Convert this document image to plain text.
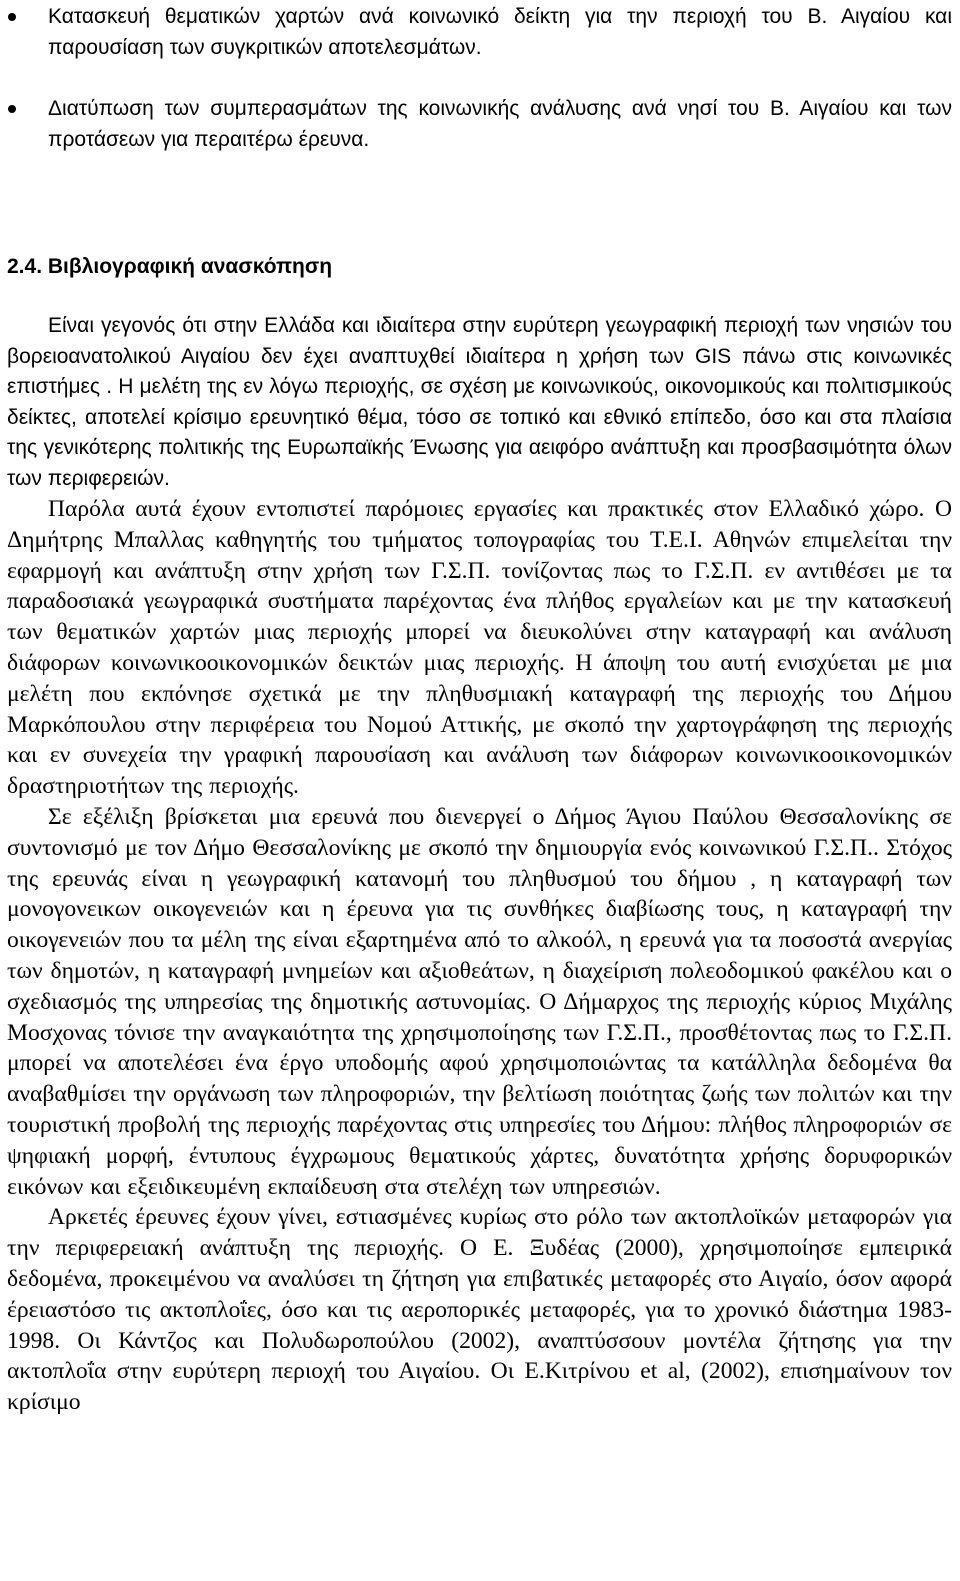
Κατασκευή θεματικών χαρτών ανά κοινωνικό δείκτη για την περιοχή του Β. Αιγαίου και παρουσίαση των συγκριτικών αποτελεσμάτων.
Διατύπωση των συμπερασμάτων της κοινωνικής ανάλυσης ανά νησί του Β. Αιγαίου και των προτάσεων για περαιτέρω έρευνα.
2.4. Βιβλιογραφική ανασκόπηση

Είναι γεγονός ότι στην Ελλάδα και ιδιαίτερα στην ευρύτερη γεωγραφική περιοχή των νησιών του βορειοανατολικού Αιγαίου δεν έχει αναπτυχθεί ιδιαίτερα η χρήση των GIS πάνω στις κοινωνικές επιστήμες . Η μελέτη της εν λόγω περιοχής, σε σχέση με κοινωνικούς, οικονομικούς και πολιτισμικούς δείκτες, αποτελεί κρίσιμο ερευνητικό θέμα, τόσο σε τοπικό και εθνικό επίπεδο, όσο και στα πλαίσια της γενικότερης πολιτικής της Ευρωπαϊκής Ένωσης για αειφόρο ανάπτυξη και προσβασιμότητα όλων των περιφερειών.

Παρόλα αυτά έχουν εντοπιστεί παρόμοιες εργασίες και πρακτικές στον Ελλαδικό χώρο. Ο Δημήτρης Μπαλλας καθηγητής του τμήματος τοπογραφίας του Τ.Ε.Ι. Αθηνών επιμελείται την εφαρμογή και ανάπτυξη στην χρήση των Γ.Σ.Π. τονίζοντας πως το Γ.Σ.Π. εν αντιθέσει με τα παραδοσιακά γεωγραφικά συστήματα παρέχοντας ένα πλήθος εργαλείων και με την κατασκευή των θεματικών χαρτών μιας περιοχής μπορεί να διευκολύνει στην καταγραφή και ανάλυση διάφορων κοινωνικοοικονομικών δεικτών μιας περιοχής. Η άποψη του αυτή ενισχύεται με μια μελέτη που εκπόνησε σχετικά με την πληθυσμιακή καταγραφή της περιοχής του Δήμου Μαρκόπουλου στην περιφέρεια του Νομού Αττικής, με σκοπό την χαρτογράφηση της περιοχής και εν συνεχεία την γραφική παρουσίαση και ανάλυση των διάφορων κοινωνικοοικονομικών δραστηριοτήτων της περιοχής.

Σε εξέλιξη βρίσκεται μια ερευνά που διενεργεί ο Δήμος Άγιου Παύλου Θεσσαλονίκης σε συντονισμό με τον Δήμο Θεσσαλονίκης με σκοπό την δημιουργία ενός κοινωνικού Γ.Σ.Π.. Στόχος της ερευνάς είναι η γεωγραφική κατανομή του πληθυσμού του δήμου , η καταγραφή των μονογονεικων οικογενειών και η έρευνα για τις συνθήκες διαβίωσης τους, η καταγραφή την οικογενειών που τα μέλη της είναι εξαρτημένα από το αλκοόλ, η ερευνά για τα ποσοστά ανεργίας των δημοτών, η καταγραφή μνημείων και αξιοθεάτων, η διαχείριση πολεοδομικού φακέλου και ο σχεδιασμός της υπηρεσίας της δημοτικής αστυνομίας. Ο Δήμαρχος της περιοχής κύριος Μιχάλης Μοσχονας τόνισε την αναγκαιότητα της χρησιμοποίησης των Γ.Σ.Π., προσθέτοντας πως το Γ.Σ.Π. μπορεί να αποτελέσει ένα έργο υποδομής αφού χρησιμοποιώντας τα κατάλληλα δεδομένα θα αναβαθμίσει την οργάνωση των πληροφοριών, την βελτίωση ποιότητας ζωής των πολιτών και την τουριστική προβολή της περιοχής παρέχοντας στις υπηρεσίες του Δήμου: πλήθος πληροφοριών σε ψηφιακή μορφή, έντυπους έγχρωμους θεματικούς χάρτες, δυνατότητα χρήσης δορυφορικών εικόνων και εξειδικευμένη εκπαίδευση στα στελέχη των υπηρεσιών.

Αρκετές έρευνες έχουν γίνει, εστιασμένες κυρίως στο ρόλο των ακτοπλοϊκών μεταφορών για την περιφερειακή ανάπτυξη της περιοχής. Ο Ε. Ξυδέας (2000), χρησιμοποίησε εμπειρικά δεδομένα, προκειμένου να αναλύσει τη ζήτηση για επιβατικές μεταφορές στο Αιγαίο, όσον αφορά έρειαστόσο τις ακτοπλοΐες, όσο και τις αεροπορικές μεταφορές, για το χρονικό διάστημα 1983-1998. Οι Κάντζος και Πολυδωροπούλου (2002), αναπτύσσουν μοντέλα ζήτησης για την ακτοπλοΐα στην ευρύτερη περιοχή του Αιγαίου. Οι Ε.Κιτρίνου et al, (2002), επισημαίνουν τον κρίσιμο
